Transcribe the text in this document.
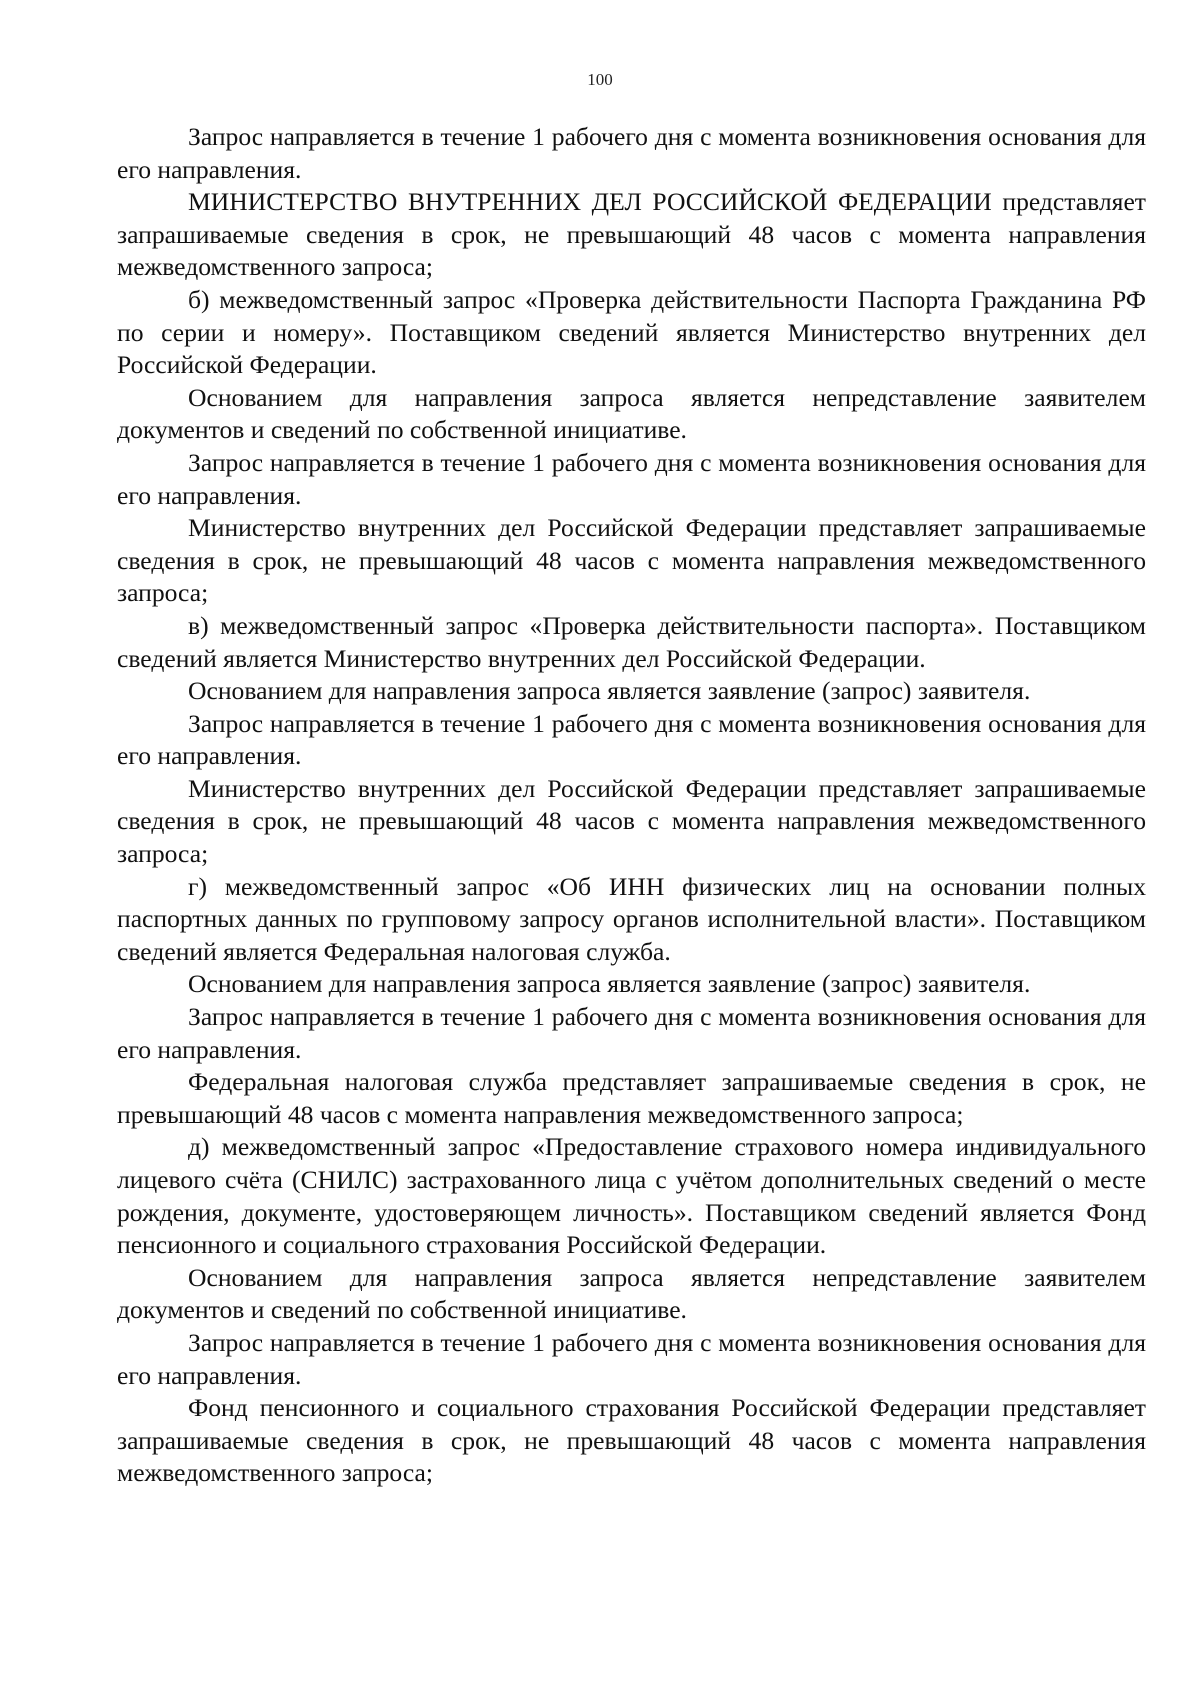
100

Запрос направляется в течение 1 рабочего дня с момента возникновения основания для его направления.

МИНИСТЕРСТВО ВНУТРЕННИХ ДЕЛ РОССИЙСКОЙ ФЕДЕРАЦИИ представляет запрашиваемые сведения в срок, не превышающий 48 часов с момента направления межведомственного запроса;

б) межведомственный запрос «Проверка действительности Паспорта Гражданина РФ по серии и номеру». Поставщиком сведений является Министерство внутренних дел Российской Федерации.

Основанием для направления запроса является непредставление заявителем документов и сведений по собственной инициативе.

Запрос направляется в течение 1 рабочего дня с момента возникновения основания для его направления.

Министерство внутренних дел Российской Федерации представляет запрашиваемые сведения в срок, не превышающий 48 часов с момента направления межведомственного запроса;

в) межведомственный запрос «Проверка действительности паспорта». Поставщиком сведений является Министерство внутренних дел Российской Федерации.

Основанием для направления запроса является заявление (запрос) заявителя.

Запрос направляется в течение 1 рабочего дня с момента возникновения основания для его направления.

Министерство внутренних дел Российской Федерации представляет запрашиваемые сведения в срок, не превышающий 48 часов с момента направления межведомственного запроса;

г) межведомственный запрос «Об ИНН физических лиц на основании полных паспортных данных по групповому запросу органов исполнительной власти». Поставщиком сведений является Федеральная налоговая служба.

Основанием для направления запроса является заявление (запрос) заявителя.

Запрос направляется в течение 1 рабочего дня с момента возникновения основания для его направления.

Федеральная налоговая служба представляет запрашиваемые сведения в срок, не превышающий 48 часов с момента направления межведомственного запроса;

д) межведомственный запрос «Предоставление страхового номера индивидуального лицевого счёта (СНИЛС) застрахованного лица с учётом дополнительных сведений о месте рождения, документе, удостоверяющем личность». Поставщиком сведений является Фонд пенсионного и социального страхования Российской Федерации.

Основанием для направления запроса является непредставление заявителем документов и сведений по собственной инициативе.

Запрос направляется в течение 1 рабочего дня с момента возникновения основания для его направления.

Фонд пенсионного и социального страхования Российской Федерации представляет запрашиваемые сведения в срок, не превышающий 48 часов с момента направления межведомственного запроса;
